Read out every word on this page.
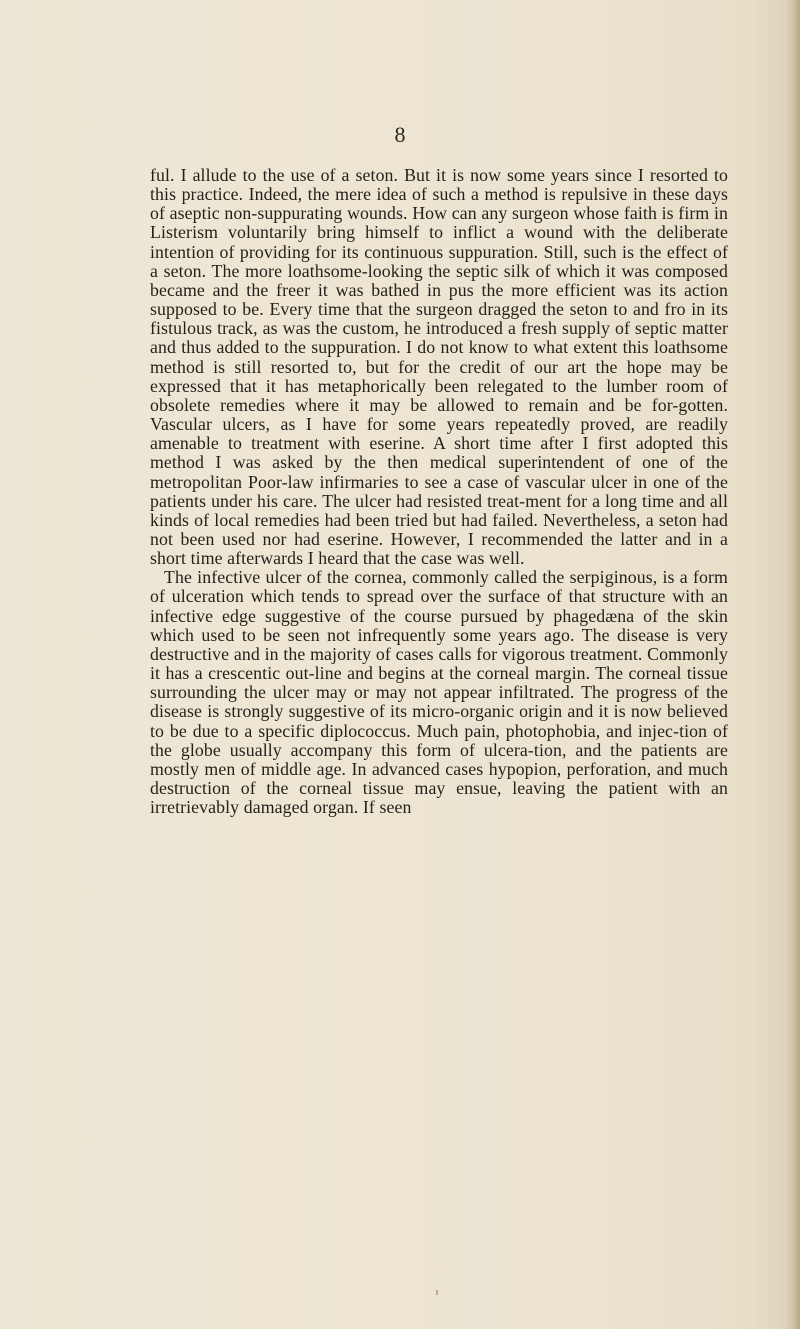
8

ful. I allude to the use of a seton. But it is now some years since I resorted to this practice. Indeed, the mere idea of such a method is repulsive in these days of aseptic non-suppurating wounds. How can any surgeon whose faith is firm in Listerism voluntarily bring himself to inflict a wound with the deliberate intention of providing for its continuous suppuration. Still, such is the effect of a seton. The more loathsome-looking the septic silk of which it was composed became and the freer it was bathed in pus the more efficient was its action supposed to be. Every time that the surgeon dragged the seton to and fro in its fistulous track, as was the custom, he introduced a fresh supply of septic matter and thus added to the suppuration. I do not know to what extent this loathsome method is still resorted to, but for the credit of our art the hope may be expressed that it has metaphorically been relegated to the lumber room of obsolete remedies where it may be allowed to remain and be for-gotten. Vascular ulcers, as I have for some years repeatedly proved, are readily amenable to treatment with eserine. A short time after I first adopted this method I was asked by the then medical superintendent of one of the metropolitan Poor-law infirmaries to see a case of vascular ulcer in one of the patients under his care. The ulcer had resisted treat-ment for a long time and all kinds of local remedies had been tried but had failed. Nevertheless, a seton had not been used nor had eserine. However, I recommended the latter and in a short time afterwards I heard that the case was well.

The infective ulcer of the cornea, commonly called the serpiginous, is a form of ulceration which tends to spread over the surface of that structure with an infective edge suggestive of the course pursued by phagedæna of the skin which used to be seen not infrequently some years ago. The disease is very destructive and in the majority of cases calls for vigorous treatment. Commonly it has a crescentic out-line and begins at the corneal margin. The corneal tissue surrounding the ulcer may or may not appear infiltrated. The progress of the disease is strongly suggestive of its micro-organic origin and it is now believed to be due to a specific diplococcus. Much pain, photophobia, and injec-tion of the globe usually accompany this form of ulcera-tion, and the patients are mostly men of middle age. In advanced cases hypopion, perforation, and much destruction of the corneal tissue may ensue, leaving the patient with an irretrievably damaged organ. If seen
